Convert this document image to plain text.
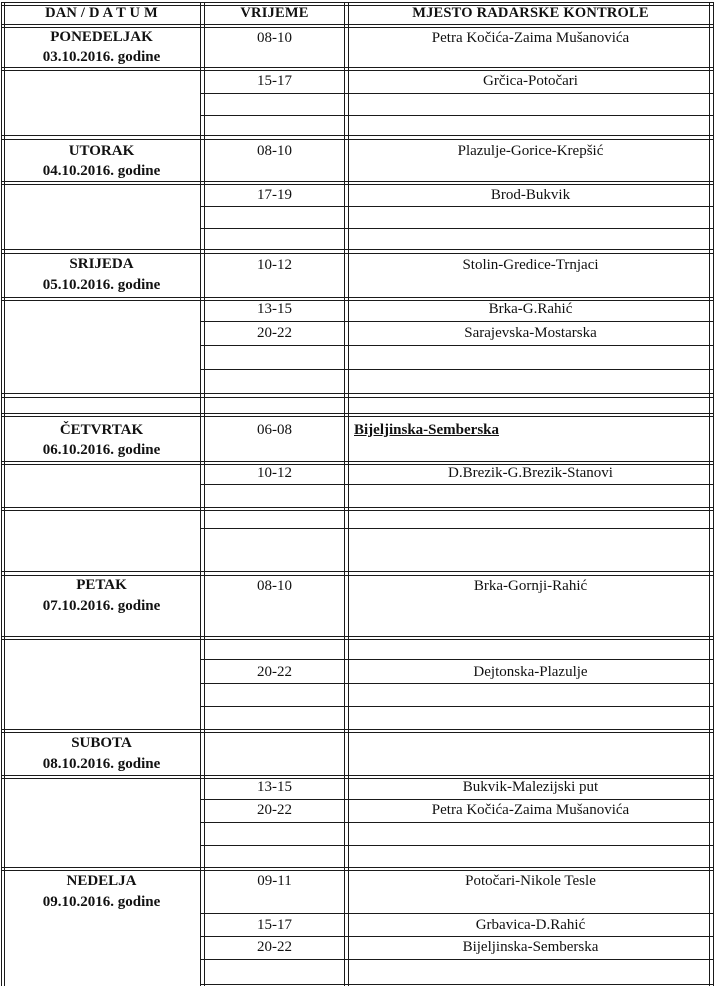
DAN / D A T U M	VRIJEME	MJESTO RADARSKE KONTROLE
PONEDELJAK
03.10.2016. godine
08-10	Petra Kočića-Zaima Mušanovića
15-17	Grčica-Potočari
UTORAK
04.10.2016. godine
08-10	Plazulje-Gorice-Krepšić
17-19	Brod-Bukvik
SRIJEDA
05.10.2016. godine
10-12	Stolin-Gredice-Trnjaci
13-15	Brka-G.Rahić
20-22	Sarajevska-Mostarska
ČETVRTAK
06.10.2016. godine
06-08	Bijeljinska-Semberska
10-12	D.Brezik-G.Brezik-Stanovi
PETAK
07.10.2016. godine
08-10	Brka-Gornji-Rahić
20-22	Dejtonska-Plazulje
SUBOTA
08.10.2016. godine
13-15	Bukvik-Malezijski put
20-22	Petra Kočića-Zaima Mušanovića
NEDELJA
09.10.2016. godine
09-11	Potočari-Nikole Tesle
15-17	Grbavica-D.Rahić
20-22	Bijeljinska-Semberska
